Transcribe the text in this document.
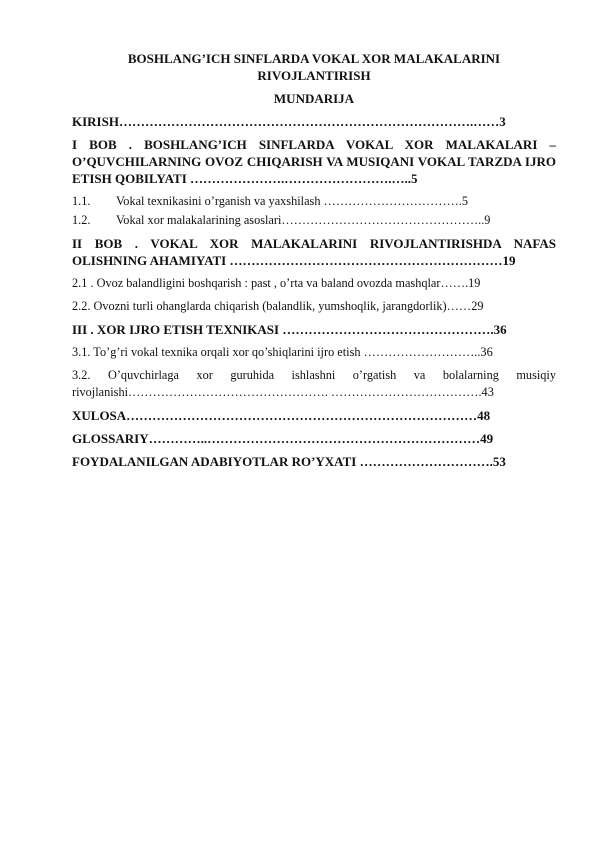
BOSHLANG’ICH SINFLARDA VOKAL XOR MALAKALARINI RIVOJLANTIRISH
MUNDARIJA
KIRISH……………………………………………………………………….……3
I BOB . BOSHLANG’ICH SINFLARDA VOKAL XOR MALAKALARI – O’QUVCHILARNING OVOZ CHIQARISH VA MUSIQANI VOKAL TARZDA IJRO ETISH QOBILYATI ………………….…………………….…..5
1.1. Vokal texnikasini o’rganish va yaxshilash …………………………….5
1.2. Vokal xor malakalarining asoslari…………………………………………..9
II BOB . VOKAL XOR MALAKALARINI RIVOJLANTIRISHDA NAFAS OLISHNING AHAMIYATI ………………………………………………………19
2.1 . Ovoz balandligini boshqarish : past , o’rta va baland ovozda mashqlar…….19
2.2. Ovozni turli ohanglarda chiqarish (balandlik, yumshoqlik, jarangdorlik)……29
III . XOR IJRO ETISH TEXNIKASI ………………………………………….36
3.1. To’g’ri vokal texnika orqali xor qo’shiqlarini ijro etish ………………………..36
3.2. O’quvchirlaga xor guruhida ishlashni o’rgatish va bolalarning musiqiy rivojlanishi…………………………………………. ……………………………….43
XULOSA………………………………………………………………………48
GLOSSARIY…………..………………………………………………………49
FOYDALANILGAN ADABIYOTLAR RO’YXATI ………………………….53
